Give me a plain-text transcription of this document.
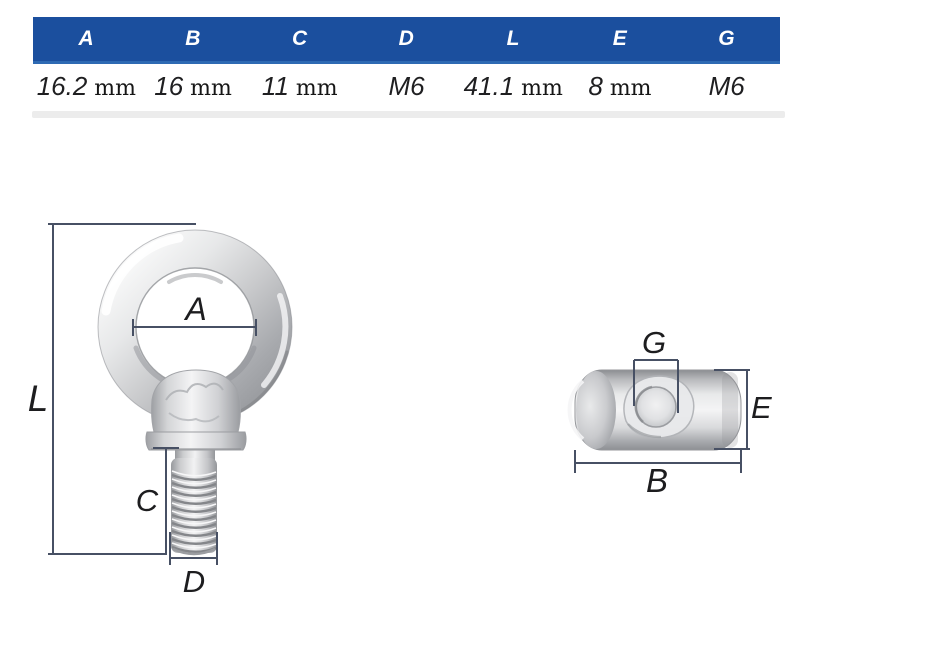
A	B	C	D	L	E	G
16.2 mm 16 mm	11 mm	M6	41.1 mm 8 mm	M6
L
A
C
D
G
E
B
